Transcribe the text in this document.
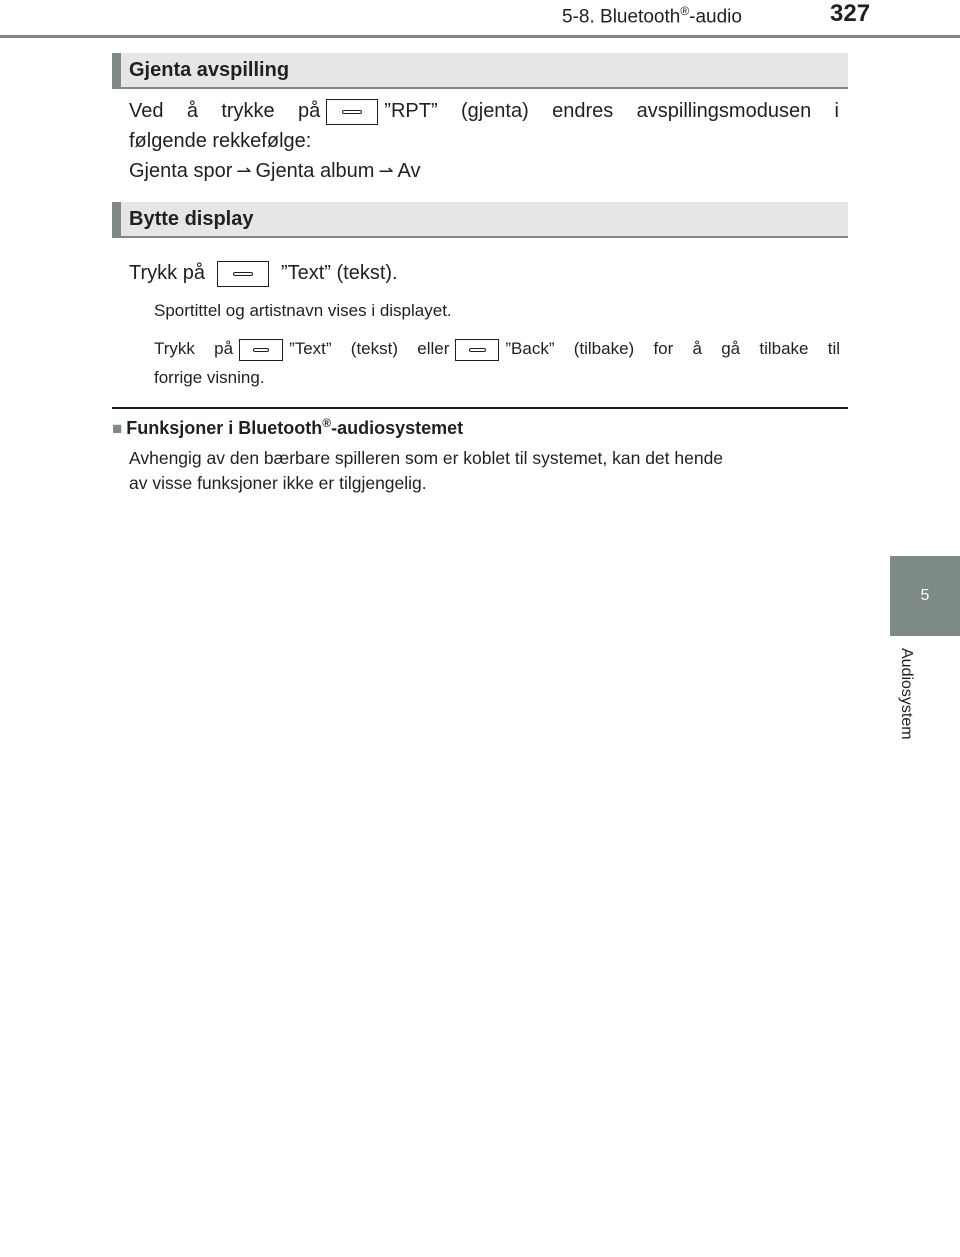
5-8. Bluetooth®-audio	327
5
Audiosystem
Gjenta avspilling
Ved å trykke på	”RPT” (gjenta) endres avspillingsmodusen i
følgende rekkefølge:
Gjenta spor ⇀ Gjenta album ⇀ Av
Bytte display
Trykk på	”Text” (tekst).
Sportittel og artistnavn vises i displayet.
Trykk på	”Text” (tekst) eller	”Back” (tilbake) for å gå tilbake til
forrige visning.
■ Funksjoner i Bluetooth®-audiosystemet
Avhengig av den bærbare spilleren som er koblet til systemet, kan det hende
av visse funksjoner ikke er tilgjengelig.
